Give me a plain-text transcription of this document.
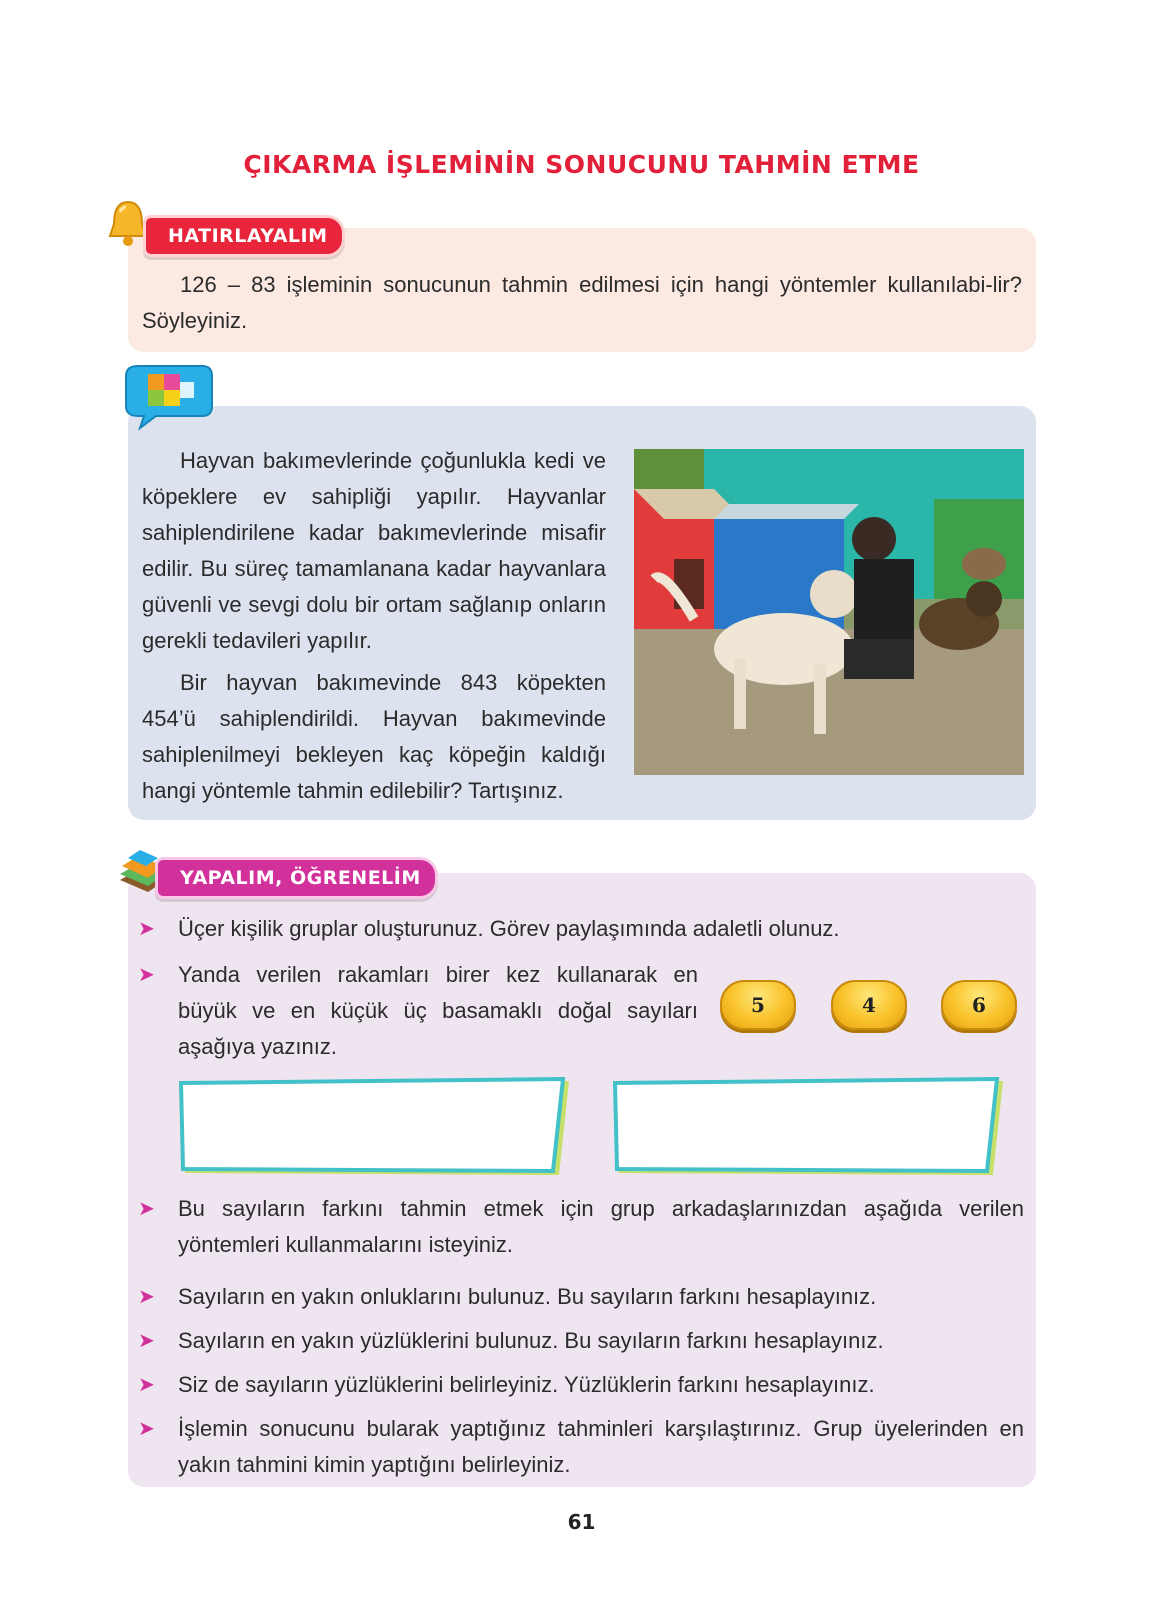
ÇIKARMA İŞLEMİNİN SONUCUNU TAHMİN ETME
HATIRLAYALIM
126 – 83 işleminin sonucunun tahmin edilmesi için hangi yöntemler kullanılabi-lir? Söyleyiniz.

Hayvan bakımevlerinde çoğunlukla kedi ve köpeklere ev sahipliği yapılır. Hayvanlar sahiplendirilene kadar bakımevlerinde misafir edilir. Bu süreç tamamlanana kadar hayvanlara güvenli ve sevgi dolu bir ortam sağlanıp onların gerekli tedavileri yapılır.

Bir hayvan bakımevinde 843 köpekten 454’ü sahiplendirildi. Hayvan bakımevinde sahiplenilmeyi bekleyen kaç köpeğin kaldığı hangi yöntemle tahmin edilebilir? Tartışınız.

YAPALIM, ÖĞRENELİM
➤ Üçer kişilik gruplar oluşturunuz. Görev paylaşımında adaletli olunuz.
➤ Yanda verilen rakamları birer kez kullanarak en büyük ve en küçük üç basamaklı doğal sayıları aşağıya yazınız.
5	4	6
➤ Bu sayıların farkını tahmin etmek için grup arkadaşlarınızdan aşağıda verilen yöntemleri kullanmalarını isteyiniz.
➤ Sayıların en yakın onluklarını bulunuz. Bu sayıların farkını hesaplayınız.
➤ Sayıların en yakın yüzlüklerini bulunuz. Bu sayıların farkını hesaplayınız.
➤ Siz de sayıların yüzlüklerini belirleyiniz. Yüzlüklerin farkını hesaplayınız.
➤ İşlemin sonucunu bularak yaptığınız tahminleri karşılaştırınız. Grup üyelerinden en yakın tahmini kimin yaptığını belirleyiniz.
61
